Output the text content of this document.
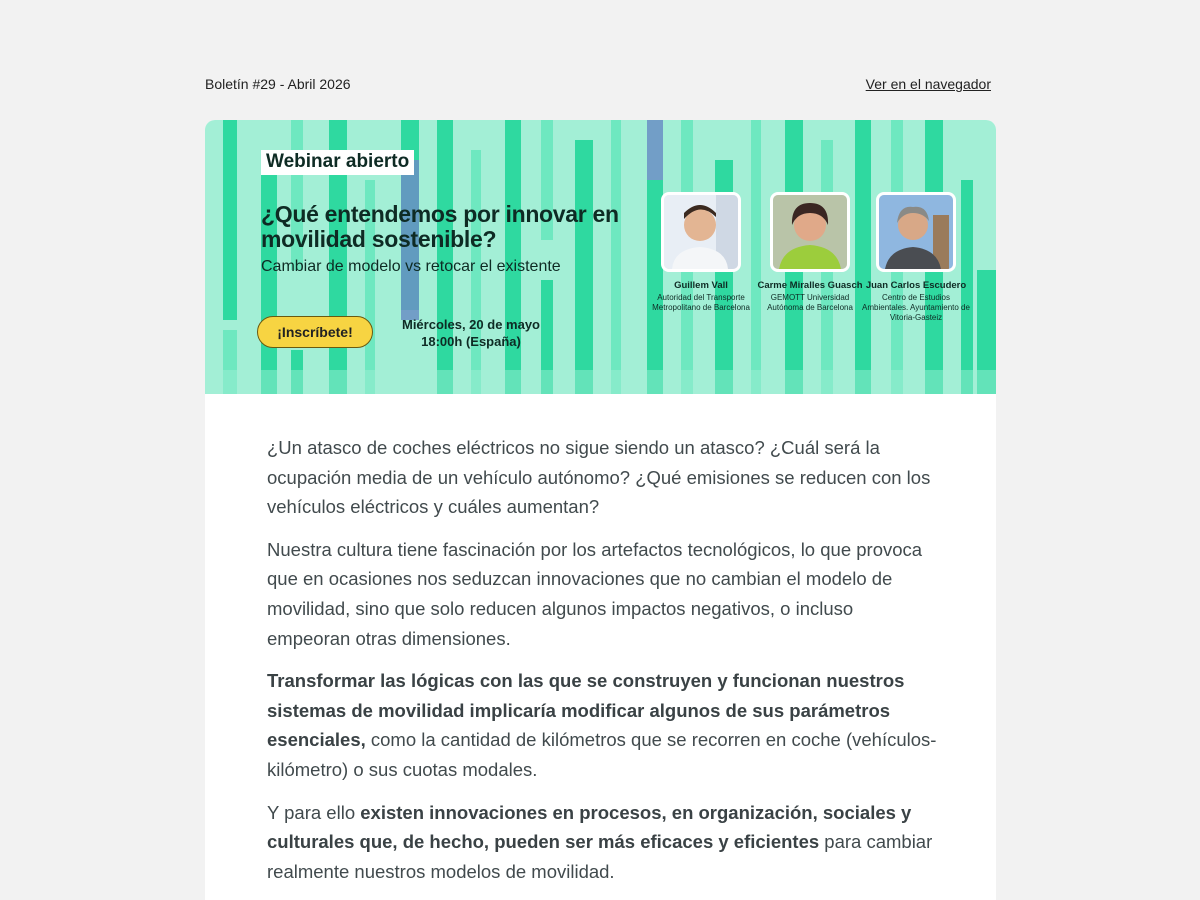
Boletín #29 - Abril 2026	Ver en el navegador
Webinar abierto
¿Qué entendemos por innovar en movilidad sostenible?
Cambiar de modelo vs retocar el existente
¡Inscríbete!	Miércoles, 20 de mayo
18:00h (España)
Guillem Vall
Autoridad del Transporte Metropolitano de Barcelona
Carme Miralles Guasch
GEMOTT Universidad Autónoma de Barcelona
Juan Carlos Escudero
Centro de Estudios Ambientales. Ayuntamiento de Vitoria-Gasteiz

¿Un atasco de coches eléctricos no sigue siendo un atasco? ¿Cuál será la ocupación media de un vehículo autónomo? ¿Qué emisiones se reducen con los vehículos eléctricos y cuáles aumentan?

Nuestra cultura tiene fascinación por los artefactos tecnológicos, lo que provoca que en ocasiones nos seduzcan innovaciones que no cambian el modelo de movilidad, sino que solo reducen algunos impactos negativos, o incluso empeoran otras dimensiones.

Transformar las lógicas con las que se construyen y funcionan nuestros sistemas de movilidad implicaría modificar algunos de sus parámetros esenciales, como la cantidad de kilómetros que se recorren en coche (vehículos-kilómetro) o sus cuotas modales.

Y para ello existen innovaciones en procesos, en organización, sociales y culturales que, de hecho, pueden ser más eficaces y eficientes para cambiar realmente nuestros modelos de movilidad.
